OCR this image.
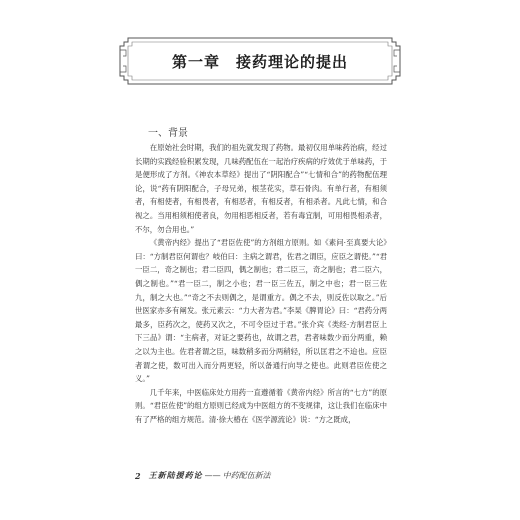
第一章　接药理论的提出
一、背景

在原始社会时期，我们的祖先就发现了药物。最初仅用单味药治病，经过长期的实践经验积累发现，几味药配伍在一起治疗疾病的疗效优于单味药，于是便形成了方剂。《神农本草经》提出了“阴阳配合”“七情和合”的药物配伍理论，说“药有阴阳配合，子母兄弟，根茎花实，草石骨肉。有单行者，有相须者，有相使者，有相畏者，有相恶者，有相反者，有相杀者。凡此七情，和合视之。当用相须相使者良，勿用相恶相反者，若有毒宜制，可用相畏相杀者，不尔，勿合用也。”

《黄帝内经》提出了“君臣佐使”的方剂组方原则。如《素问·至真要大论》曰：“方制君臣何谓也？岐伯曰：主病之谓君，佐君之谓臣，应臣之谓使。”“君一臣二，奇之制也；君二臣四，偶之制也；君二臣三，奇之制也；君二臣六，偶之制也。”“君一臣二，制之小也；君一臣三佐五，制之中也；君一臣三佐九，制之大也。”“奇之不去则偶之，是谓重方。偶之不去，则反佐以取之。”后世医家亦多有阐发。张元素云：“力大者为君。”李杲《脾胃论》曰：“君药分两最多，臣药次之，使药又次之，不可令臣过于君。”张介宾《类经·方制君臣上下三品》谓：“主病者，对证之要药也，故谓之君，君者味数少而分两重，赖之以为主也。佐君者谓之臣，味数稍多而分两稍轻，所以匡君之不迨也。应臣者谓之使，数可出入而分两更轻，所以备通行向导之使也。此则君臣佐使之义。”

几千年来，中医临床处方用药一直遵循着《黄帝内经》所言的“七方”的原则。“君臣佐使”的组方原则已经成为中医组方的不变规律，这让我们在临床中有了严格的组方规范。清·徐大椿在《医学源流论》说：“方之既成，

2 王新陆援药论 —— 中药配伍新法
